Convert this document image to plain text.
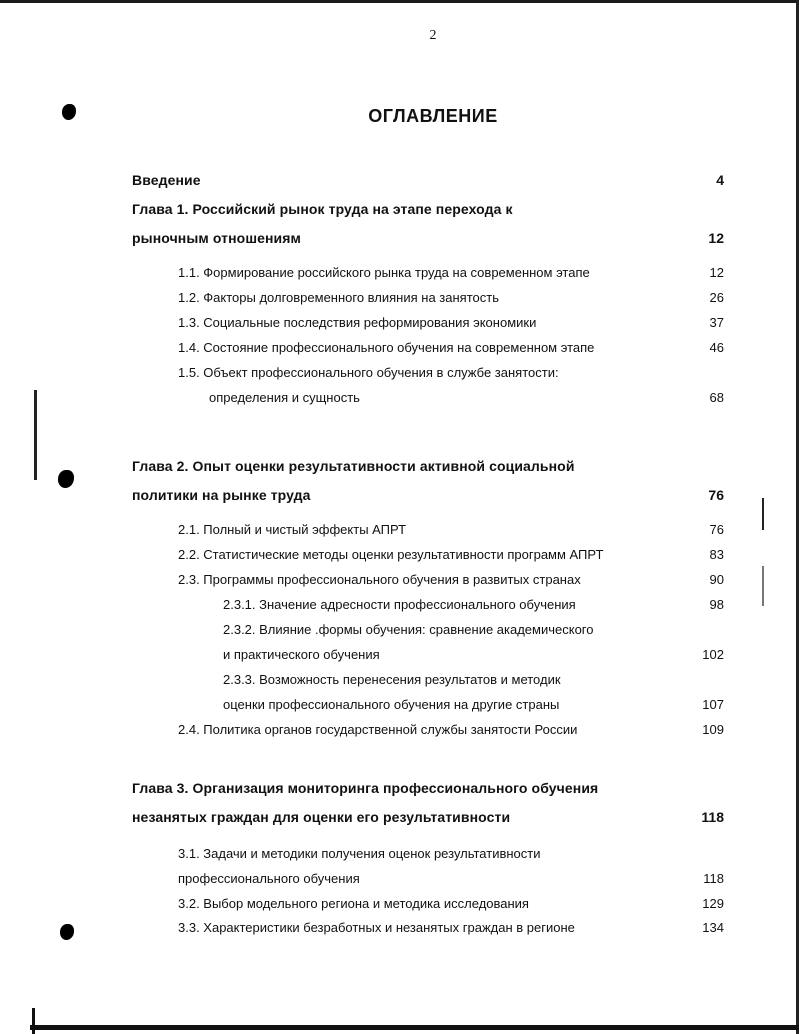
2
ОГЛАВЛЕНИЕ
Введение	4
Глава 1. Российский рынок труда на этапе перехода к
рыночным отношениям	12
1.1. Формирование российского рынка труда на современном этапе	12
1.2. Факторы долговременного влияния на занятость	26
1.3. Социальные последствия реформирования экономики	37
1.4. Состояние профессионального обучения на современном этапе	46
1.5. Объект профессионального обучения в службе занятости:
определения и сущность	68
Глава 2. Опыт оценки результативности активной социальной
политики на рынке труда	76
2.1. Полный и чистый эффекты АПРТ	76
2.2. Статистические методы оценки результативности программ АПРТ	83
2.3. Программы профессионального обучения в развитых странах	90
2.3.1. Значение адресности профессионального обучения	98
2.3.2. Влияние .формы обучения: сравнение академического
и практического обучения	102
2.3.3. Возможность перенесения результатов и методик
оценки профессионального обучения на другие страны	107
2.4. Политика органов государственной службы занятости России	109
Глава 3. Организация мониторинга профессионального обучения
незанятых граждан для оценки его результативности	118
3.1. Задачи и методики получения оценок результативности
профессионального обучения	118
3.2. Выбор модельного региона и методика исследования	129
3.3. Характеристики безработных и незанятых граждан в регионе	134
